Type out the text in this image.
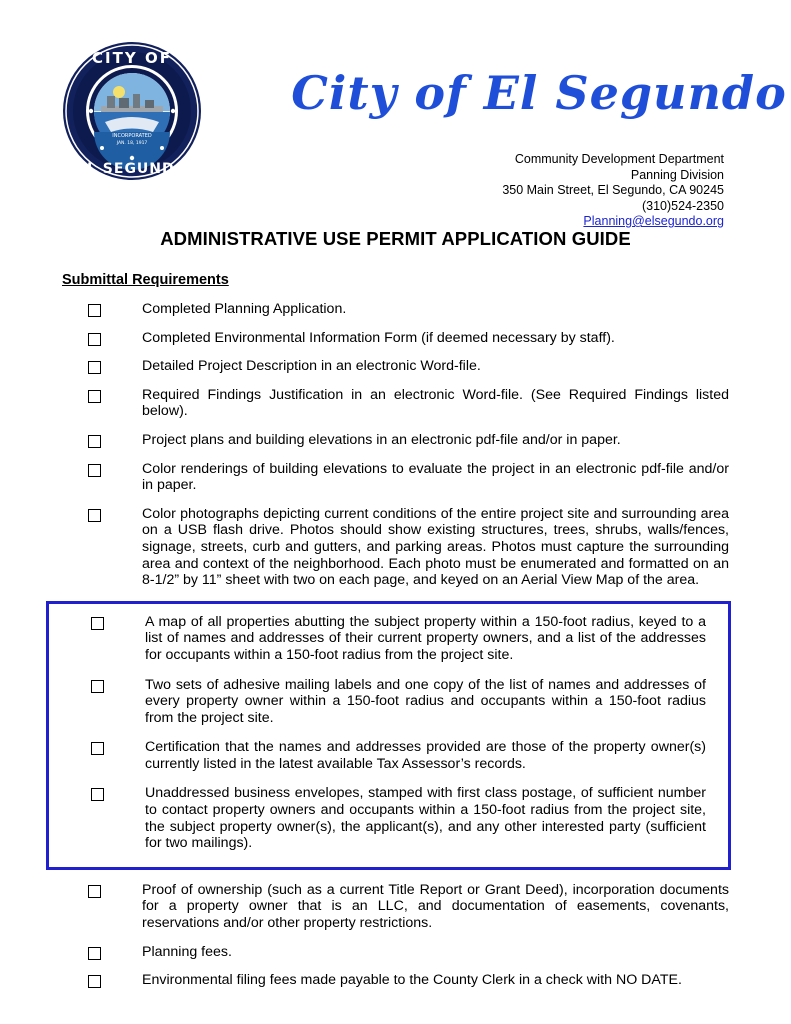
INCORPORATED
JAN. 18, 1917
CITY OF
EL SEGUNDO
City of El Segundo
Community Development Department
Panning Division
350 Main Street, El Segundo, CA 90245
(310)524-2350
Planning@elsegundo.org
ADMINISTRATIVE USE PERMIT APPLICATION GUIDE
Submittal Requirements
Completed Planning Application.
Completed Environmental Information Form (if deemed necessary by staff).
Detailed Project Description in an electronic Word-file.
Required Findings Justification in an electronic Word-file. (See Required Findings listed below).
Project plans and building elevations in an electronic pdf-file and/or in paper.
Color renderings of building elevations to evaluate the project in an electronic pdf-file and/or in paper.
Color photographs depicting current conditions of the entire project site and surrounding area on a USB flash drive. Photos should show existing structures, trees, shrubs, walls/fences, signage, streets, curb and gutters, and parking areas. Photos must capture the surrounding area and context of the neighborhood. Each photo must be enumerated and formatted on an 8-1/2” by 11” sheet with two on each page, and keyed on an Aerial View Map of the area.
A map of all properties abutting the subject property within a 150-foot radius, keyed to a list of names and addresses of their current property owners, and a list of the addresses for occupants within a 150-foot radius from the project site.
Two sets of adhesive mailing labels and one copy of the list of names and addresses of every property owner within a 150-foot radius and occupants within a 150-foot radius from the project site.
Certification that the names and addresses provided are those of the property owner(s) currently listed in the latest available Tax Assessor’s records.
Unaddressed business envelopes, stamped with first class postage, of sufficient number to contact property owners and occupants within a 150-foot radius from the project site, the subject property owner(s), the applicant(s), and any other interested party (sufficient for two mailings).
Proof of ownership (such as a current Title Report or Grant Deed), incorporation documents for a property owner that is an LLC, and documentation of easements, covenants, reservations and/or other property restrictions.
Planning fees.
Environmental filing fees made payable to the County Clerk in a check with NO DATE.
